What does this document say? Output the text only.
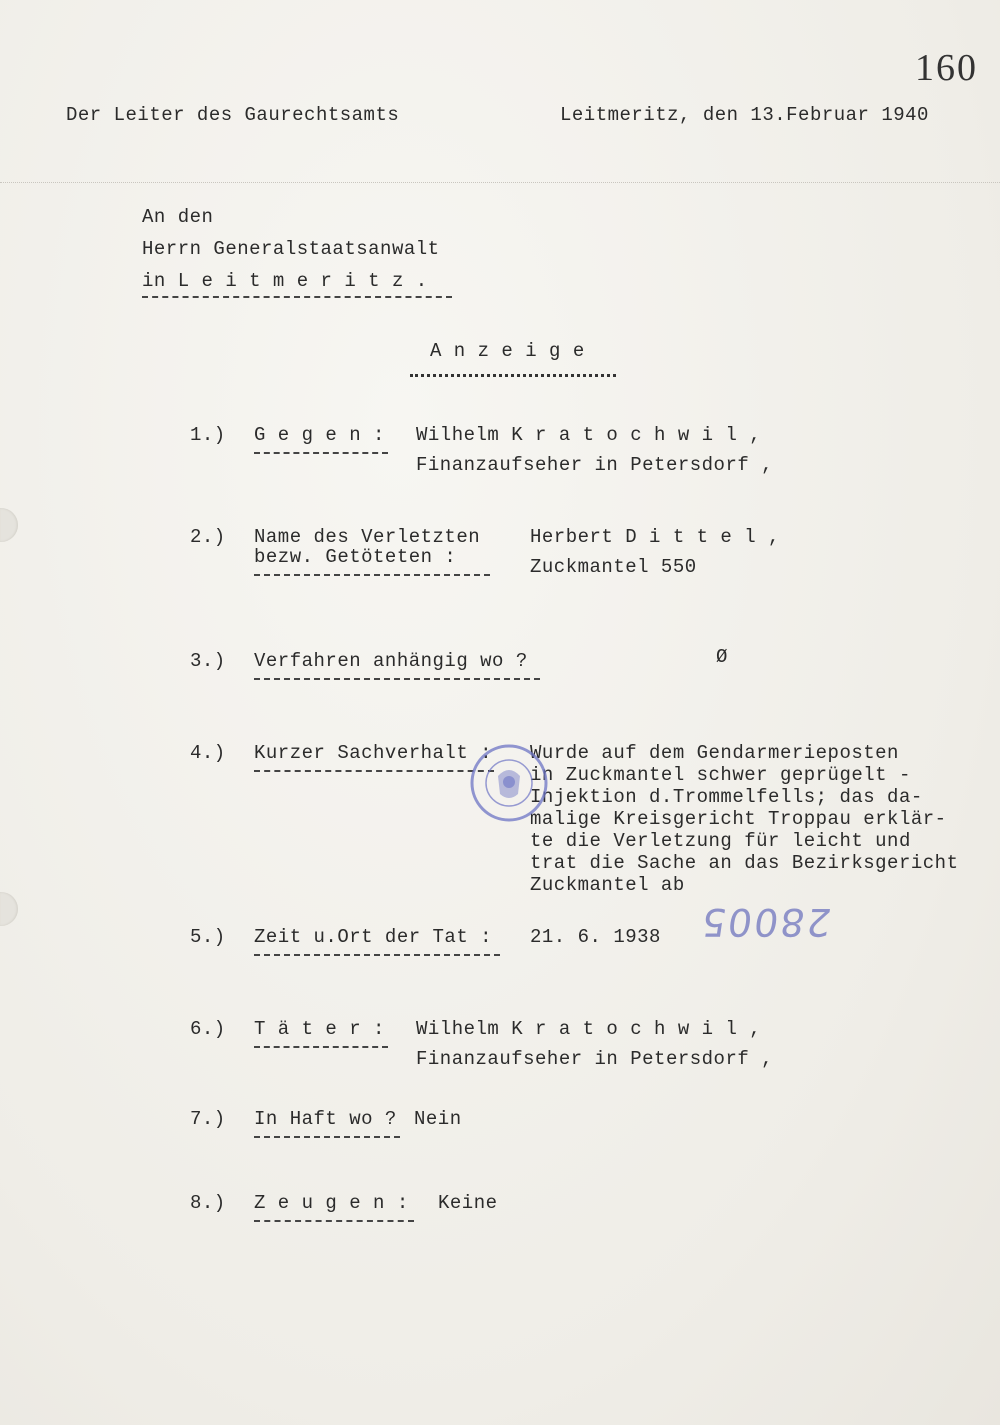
160
Der Leiter des Gaurechtsamts	Leitmeritz, den 13.Februar 1940
An den
Herrn Generalstaatsanwalt
in L e i t m e r i t z .
A n z e i g e
1.) G e g e n : Wilhelm K r a t o c h w i l ,
Finanzaufseher in Petersdorf ,
2.) Name des Verletzten
bezw. Getöteten :
Herbert D i t t e l ,
Zuckmantel 550
3.) Verfahren anhängig wo ?	Ø
4.) Kurzer Sachverhalt : Wurde auf dem Gendarmerieposten
in Zuckmantel schwer geprügelt -
Injektion d.Trommelfells; das da-
malige Kreisgericht Troppau erklär-
te die Verletzung für leicht und
trat die Sache an das Bezirksgericht
Zuckmantel ab
5.) Zeit u.Ort der Tat : 21. 6. 1938 28005
6.) T ä t e r : Wilhelm K r a t o c h w i l ,
Finanzaufseher in Petersdorf ,
7.) In Haft wo ? Nein
8.) Z e u g e n : Keine
